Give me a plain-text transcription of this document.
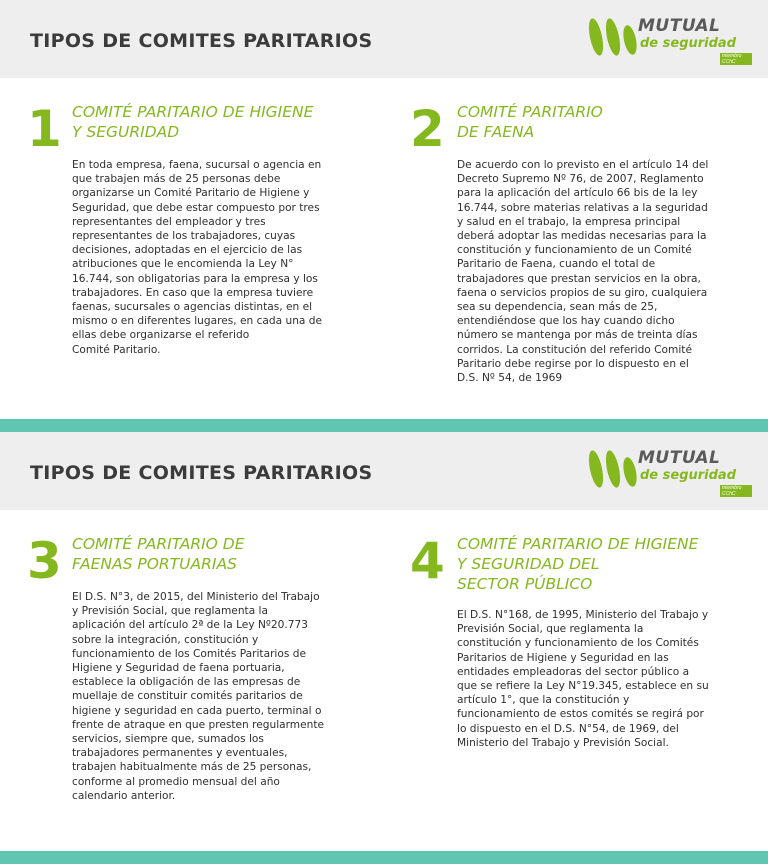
TIPOS DE COMITES PARITARIOS
MUTUAL
de seguridad
miembro CChC
1 COMITÉ PARITARIO DE HIGIENE
Y SEGURIDAD
En toda empresa, faena, sucursal o agencia en
que trabajen más de 25 personas debe
organizarse un Comité Paritario de Higiene y
Seguridad, que debe estar compuesto por tres
representantes del empleador y tres
representantes de los trabajadores, cuyas
decisiones, adoptadas en el ejercicio de las
atribuciones que le encomienda la Ley N°
16.744, son obligatorias para la empresa y los
trabajadores. En caso que la empresa tuviere
faenas, sucursales o agencias distintas, en el
mismo o en diferentes lugares, en cada una de
ellas debe organizarse el referido
Comité Paritario.
2 COMITÉ PARITARIO
DE FAENA
De acuerdo con lo previsto en el artículo 14 del
Decreto Supremo Nº 76, de 2007, Reglamento
para la aplicación del artículo 66 bis de la ley
16.744, sobre materias relativas a la seguridad
y salud en el trabajo, la empresa principal
deberá adoptar las medidas necesarias para la
constitución y funcionamiento de un Comité
Paritario de Faena, cuando el total de
trabajadores que prestan servicios en la obra,
faena o servicios propios de su giro, cualquiera
sea su dependencia, sean más de 25,
entendiéndose que los hay cuando dicho
número se mantenga por más de treinta días
corridos. La constitución del referido Comité
Paritario debe regirse por lo dispuesto en el
D.S. Nº 54, de 1969
TIPOS DE COMITES PARITARIOS
MUTUAL
de seguridad
miembro CChC
3 COMITÉ PARITARIO DE
FAENAS PORTUARIAS
El D.S. N°3, de 2015, del Ministerio del Trabajo
y Previsión Social, que reglamenta la
aplicación del artículo 2ª de la Ley Nº20.773
sobre la integración, constitución y
funcionamiento de los Comités Paritarios de
Higiene y Seguridad de faena portuaria,
establece la obligación de las empresas de
muellaje de constituir comités paritarios de
higiene y seguridad en cada puerto, terminal o
frente de atraque en que presten regularmente
servicios, siempre que, sumados los
trabajadores permanentes y eventuales,
trabajen habitualmente más de 25 personas,
conforme al promedio mensual del año
calendario anterior.
4 COMITÉ PARITARIO DE HIGIENE
Y SEGURIDAD DEL
SECTOR PÚBLICO
El D.S. N°168, de 1995, Ministerio del Trabajo y
Previsión Social, que reglamenta la
constitución y funcionamiento de los Comités
Paritarios de Higiene y Seguridad en las
entidades empleadoras del sector público a
que se refiere la Ley N°19.345, establece en su
artículo 1°, que la constitución y
funcionamiento de estos comités se regirá por
lo dispuesto en el D.S. N°54, de 1969, del
Ministerio del Trabajo y Previsión Social.
